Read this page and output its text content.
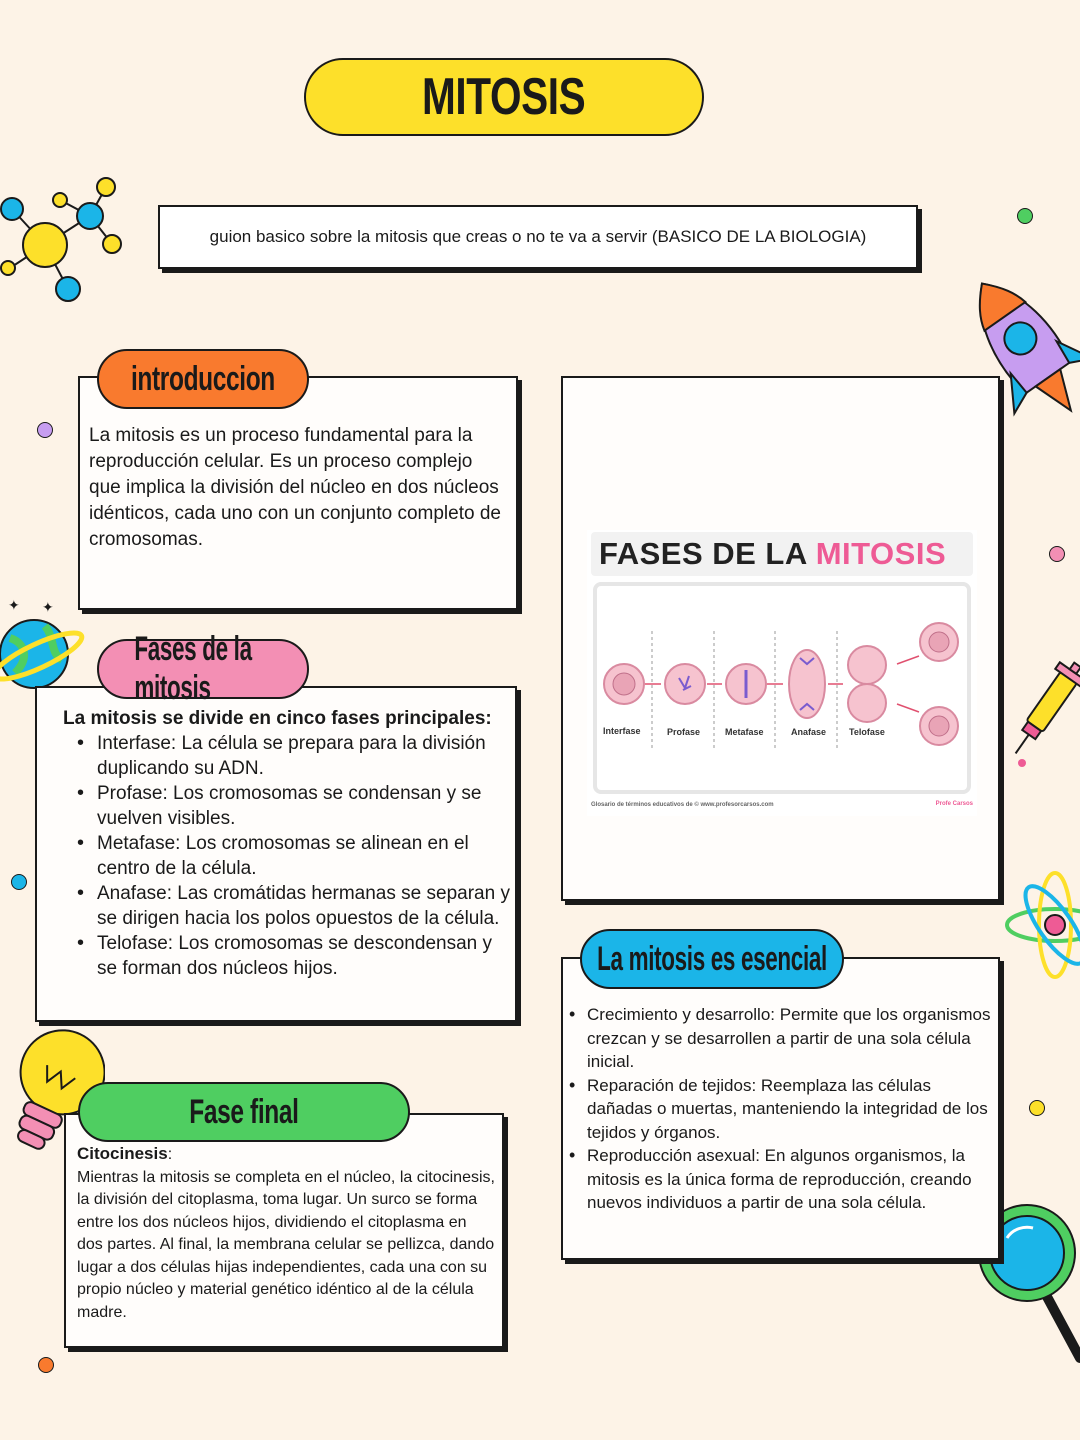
MITOSIS
guion basico sobre la mitosis que creas o no te va a servir (BASICO DE LA BIOLOGIA)
✦ ✦
La mitosis es un proceso fundamental para la reproducción celular. Es un proceso complejo que implica la división del núcleo en dos núcleos idénticos, cada uno con un conjunto completo de cromosomas.
introduccion
La mitosis se divide en cinco fases principales:
• Interfase: La célula se prepara para la división duplicando su ADN.
• Profase: Los cromosomas se condensan y se vuelven visibles.
• Metafase: Los cromosomas se alinean en el centro de la célula.
• Anafase: Las cromátidas hermanas se separan y se dirigen hacia los polos opuestos de la célula.
• Telofase: Los cromosomas se descondensan y se forman dos núcleos hijos.
Fases de la mitosis
Citocinesis:
Mientras la mitosis se completa en el núcleo, la citocinesis, la división del citoplasma, toma lugar. Un surco se forma entre los dos núcleos hijos, dividiendo el citoplasma en dos partes. Al final, la membrana celular se pellizca, dando lugar a dos células hijas independientes, cada una con su propio núcleo y material genético idéntico al de la célula madre.
Fase final
FASES DE LA MITOSIS
Interfase	Profase	Metafase	Anafase	Telofase
Glosario de términos educativos de © www.profesorcarsos.com	Profe Carsos
• Crecimiento y desarrollo: Permite que los organismos crezcan y se desarrollen a partir de una sola célula inicial.
• Reparación de tejidos: Reemplaza las células dañadas o muertas, manteniendo la integridad de los tejidos y órganos.
• Reproducción asexual: En algunos organismos, la mitosis es la única forma de reproducción, creando nuevos individuos a partir de una sola célula.
La mitosis es esencial
